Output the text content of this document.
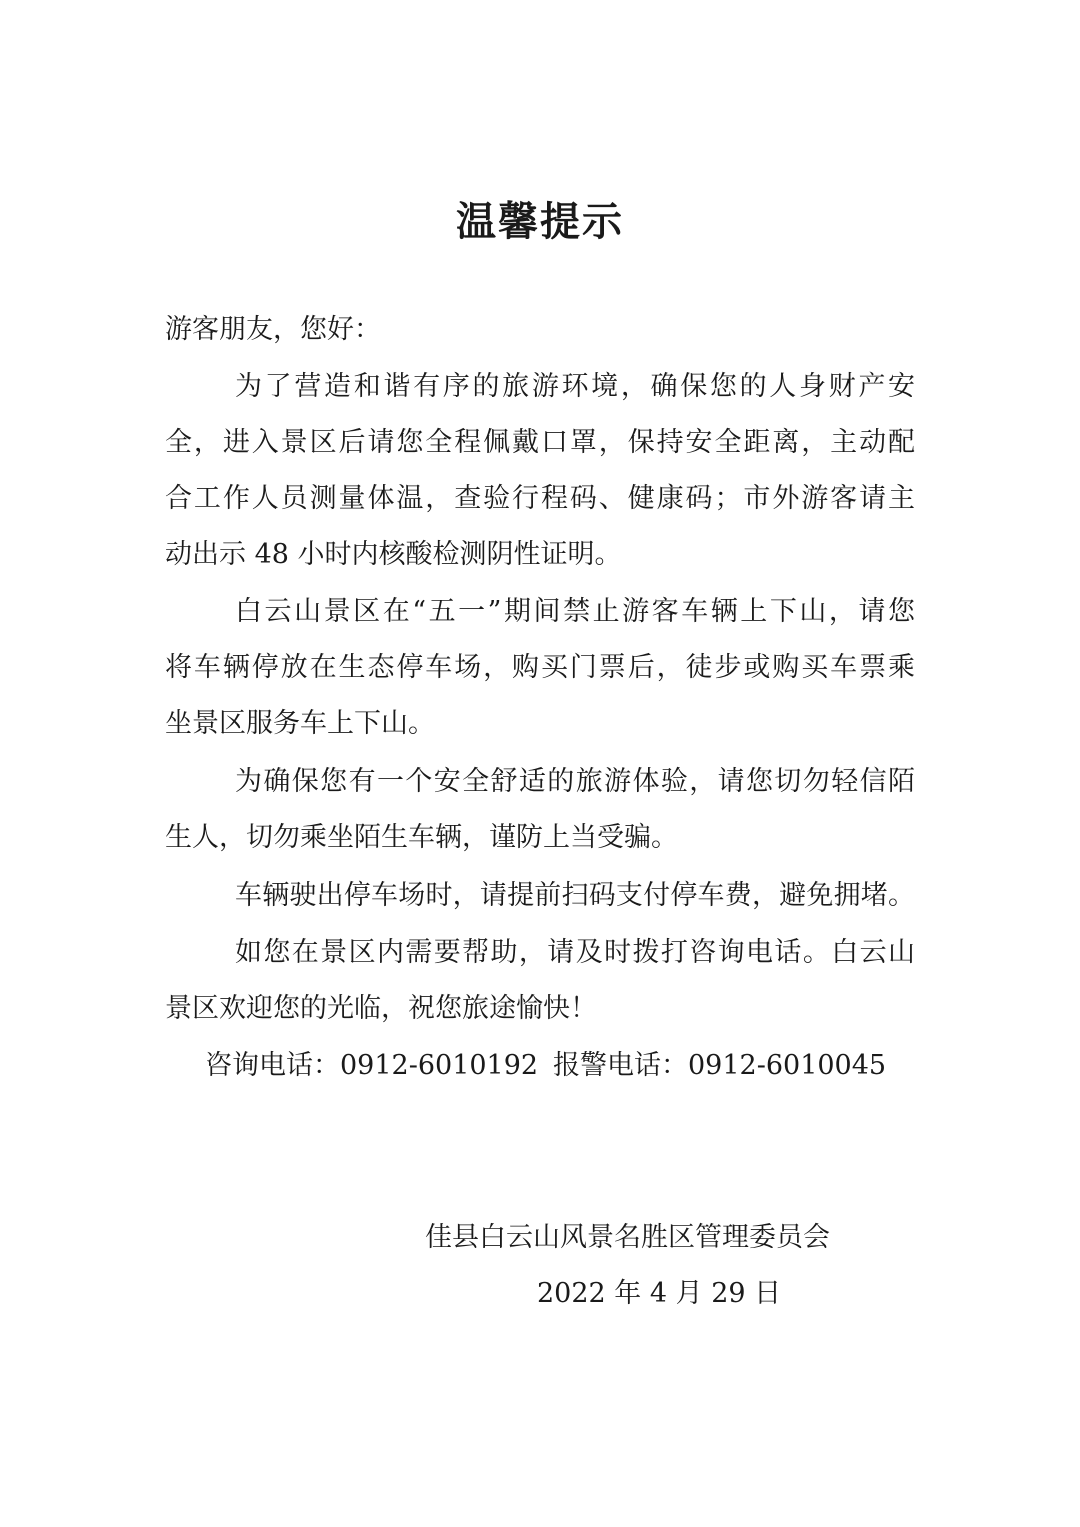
温馨提示
游客朋友，您好：
为了营造和谐有序的旅游环境，确保您的人身财产安
全，进入景区后请您全程佩戴口罩，保持安全距离，主动配
合工作人员测量体温，查验行程码、健康码；市外游客请主
动出示 48 小时内核酸检测阴性证明。
白云山景区在“五一”期间禁止游客车辆上下山，请您
将车辆停放在生态停车场，购买门票后，徒步或购买车票乘
坐景区服务车上下山。
为确保您有一个安全舒适的旅游体验，请您切勿轻信陌
生人，切勿乘坐陌生车辆，谨防上当受骗。
车辆驶出停车场时，请提前扫码支付停车费，避免拥堵。
如您在景区内需要帮助，请及时拨打咨询电话。白云山
景区欢迎您的光临，祝您旅途愉快！
咨询电话：0912-6010192 报警电话：0912-6010045
佳县白云山风景名胜区管理委员会
2022 年 4 月 29 日
